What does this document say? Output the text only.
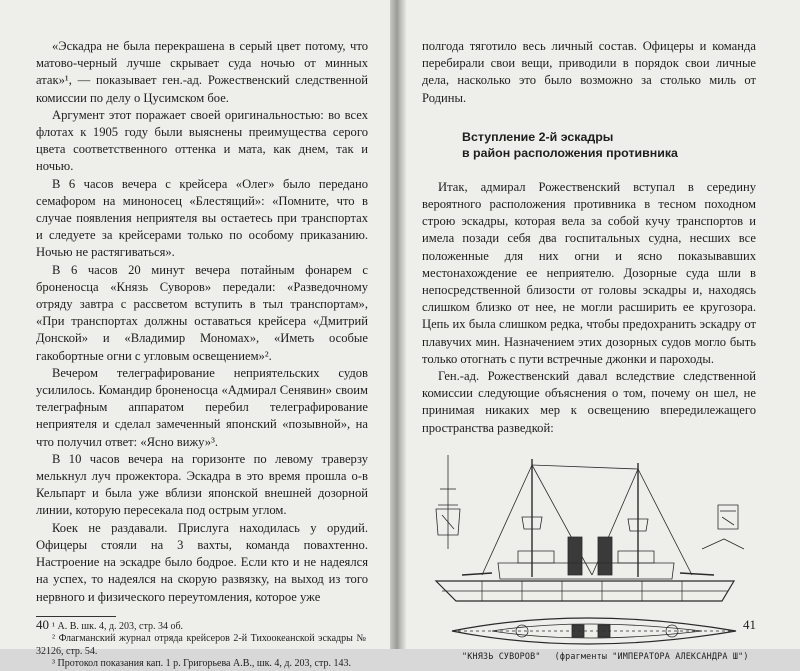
«Эскадра не была перекрашена в серый цвет потому, что матово-черный лучше скрывает суда ночью от минных атак»¹, — показывает ген.-ад. Рожественский следственной комиссии по делу о Цусимском бое.

Аргумент этот поражает своей оригинальностью: во всех флотах к 1905 году были выяснены преимущества серого цвета соответственного оттенка и мата, как днем, так и ночью.

В 6 часов вечера с крейсера «Олег» было передано семафором на миноносец «Блестящий»: «Помните, что в случае появления неприятеля вы остаетесь при транспортах и следуете за крейсерами только по особому приказанию. Ночью не растягиваться».

В 6 часов 20 минут вечера потайным фонарем с броненосца «Князь Суворов» передали: «Разведочному отряду завтра с рассветом вступить в тыл транспортам», «При транспортах должны оставаться крейсера «Дмитрий Донской» и «Владимир Мономах», «Иметь особые гакобортные огни с угловым освещением»².

Вечером телеграфирование неприятельских судов усилилось. Командир броненосца «Адмирал Сенявин» своим телеграфным аппаратом перебил телеграфирование неприятеля и сделал замеченный японский «позывной», на что получил ответ: «Ясно вижу»³.

В 10 часов вечера на горизонте по левому траверзу мелькнул луч прожектора. Эскадра в это время прошла о-в Кельпарт и была уже вблизи японской внешней дозорной линии, которую пересекала под острым углом.

Коек не раздавали. Прислуга находилась у орудий. Офицеры стояли на 3 вахты, команда повахтенно. Настроение на эскадре было бодрое. Если кто и не надеялся на успех, то надеялся на скорую развязку, на выход из того нервного и физического переутомления, которое уже

¹ А. В. шк. 4, д. 203, стр. 34 об.

² Флагманский журнал отряда крейсеров 2-й Тихоокеанской эскадры № 32126, стр. 54.

³ Протокол показания кап. 1 р. Григорьева А.В., шк. 4, д. 203, стр. 143.

40

полгода тяготило весь личный состав. Офицеры и команда перебирали свои вещи, приводили в порядок свои личные дела, насколько это было возможно за столько миль от Родины.

Вступление 2-й эскадры
в район расположения противника

Итак, адмирал Рожественский вступал в середину вероятного расположения противника в тесном походном строю эскадры, которая вела за собой кучу транспортов и имела позади себя два госпитальных судна, несших все положенные для них огни и ясно показывавших местонахождение ее неприятелю. Дозорные суда шли в непосредственной близости от головы эскадры и, находясь слишком близко от нее, не могли расширить ее кругозора. Цепь их была слишком редка, чтобы предохранить эскадру от плавучих мин. Назначением этих дозорных судов могло быть только отогнать с пути встречные джонки и пароходы.

Ген.-ад. Рожественский давал вследствие следственной комиссии следующие объяснения о том, почему он шел, не принимая никаких мер к освещению впередилежащего пространства разведкой:

"КНЯЗЬ СУВОРОВ" (фрагменты "ИМПЕРАТОРА АЛЕКСАНДРА Ш")
41
